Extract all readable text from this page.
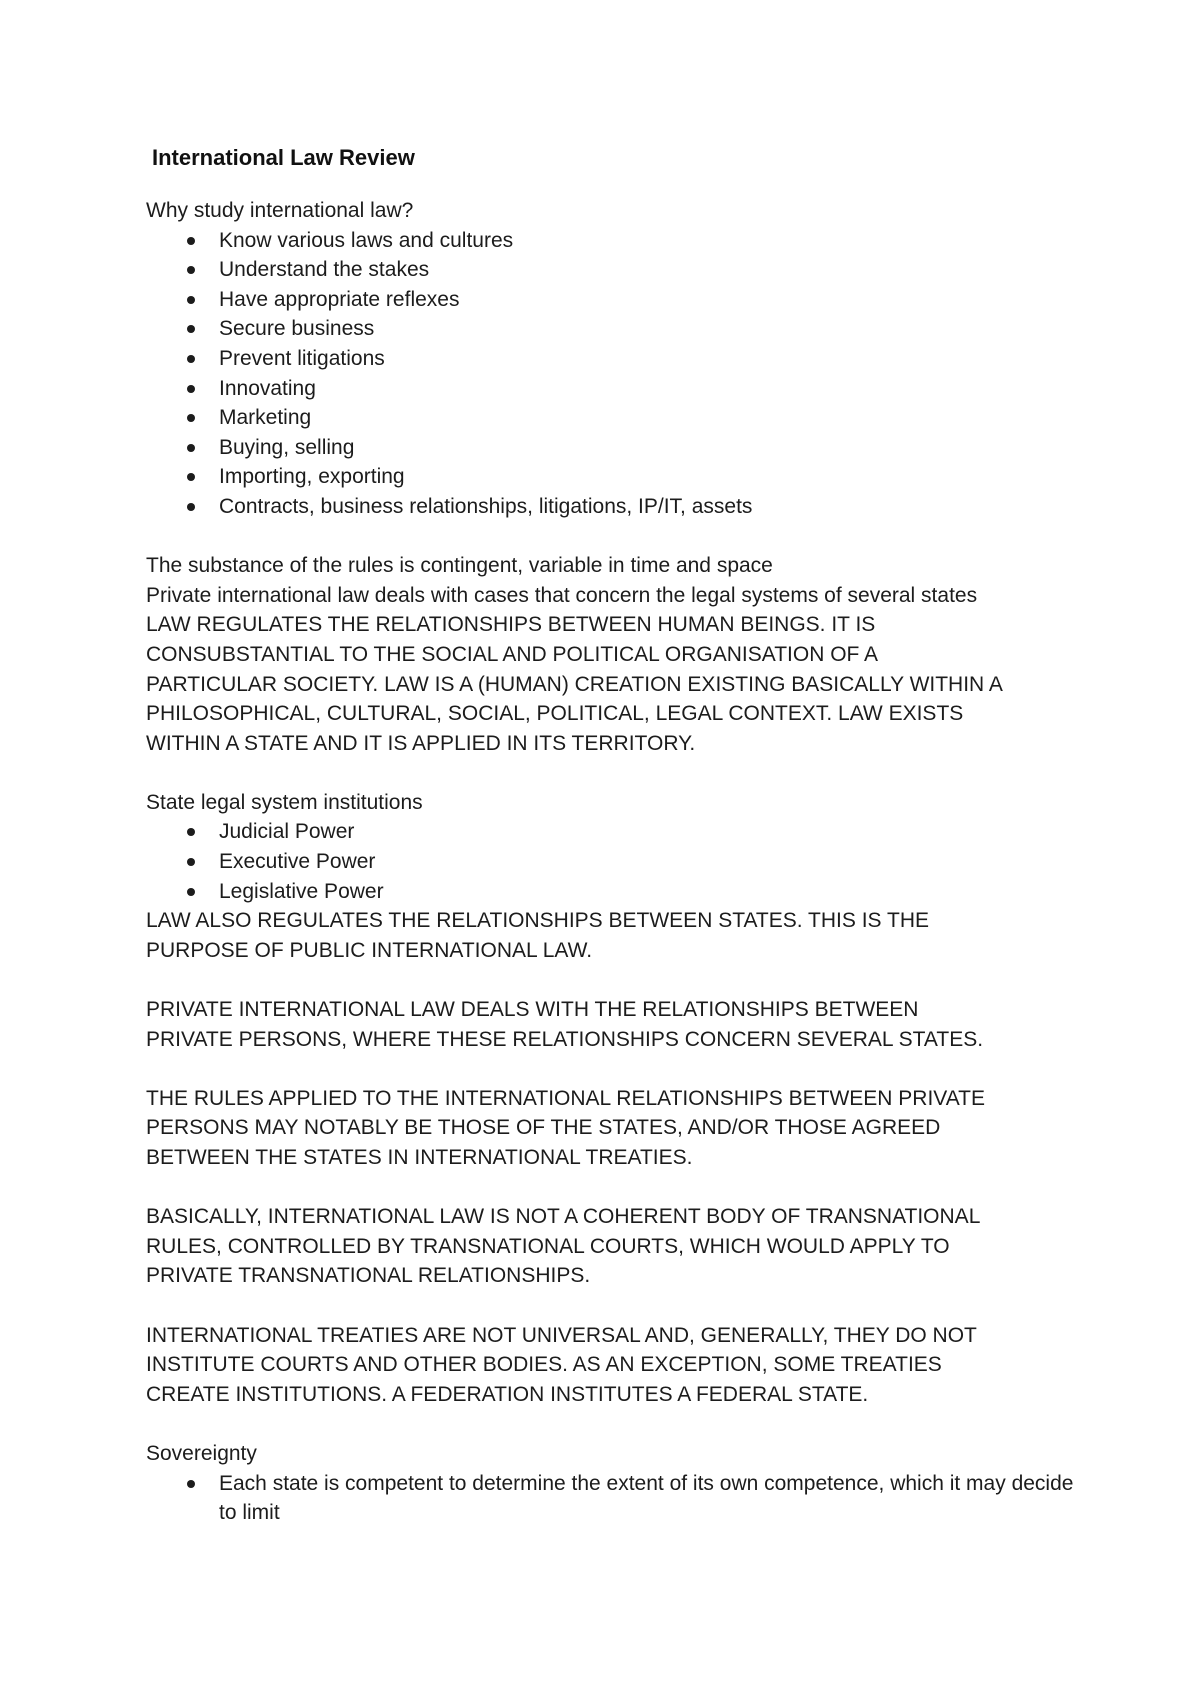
International Law Review
Why study international law?
Know various laws and cultures
Understand the stakes
Have appropriate reflexes
Secure business
Prevent litigations
Innovating
Marketing
Buying, selling
Importing, exporting
Contracts, business relationships, litigations, IP/IT, assets
The substance of the rules is contingent, variable in time and space
Private international law deals with cases that concern the legal systems of several states
LAW REGULATES THE RELATIONSHIPS BETWEEN HUMAN BEINGS. IT IS
CONSUBSTANTIAL TO THE SOCIAL AND POLITICAL ORGANISATION OF A
PARTICULAR SOCIETY. LAW IS A (HUMAN) CREATION EXISTING BASICALLY WITHIN A
PHILOSOPHICAL, CULTURAL, SOCIAL, POLITICAL, LEGAL CONTEXT. LAW EXISTS
WITHIN A STATE AND IT IS APPLIED IN ITS TERRITORY.
State legal system institutions
Judicial Power
Executive Power
Legislative Power
LAW ALSO REGULATES THE RELATIONSHIPS BETWEEN STATES. THIS IS THE
PURPOSE OF PUBLIC INTERNATIONAL LAW.
PRIVATE INTERNATIONAL LAW DEALS WITH THE RELATIONSHIPS BETWEEN
PRIVATE PERSONS, WHERE THESE RELATIONSHIPS CONCERN SEVERAL STATES.
THE RULES APPLIED TO THE INTERNATIONAL RELATIONSHIPS BETWEEN PRIVATE
PERSONS MAY NOTABLY BE THOSE OF THE STATES, AND/OR THOSE AGREED
BETWEEN THE STATES IN INTERNATIONAL TREATIES.
BASICALLY, INTERNATIONAL LAW IS NOT A COHERENT BODY OF TRANSNATIONAL
RULES, CONTROLLED BY TRANSNATIONAL COURTS, WHICH WOULD APPLY TO
PRIVATE TRANSNATIONAL RELATIONSHIPS.
INTERNATIONAL TREATIES ARE NOT UNIVERSAL AND, GENERALLY, THEY DO NOT
INSTITUTE COURTS AND OTHER BODIES. AS AN EXCEPTION, SOME TREATIES
CREATE INSTITUTIONS. A FEDERATION INSTITUTES A FEDERAL STATE.
Sovereignty
Each state is competent to determine the extent of its own competence, which it may decide to limit
